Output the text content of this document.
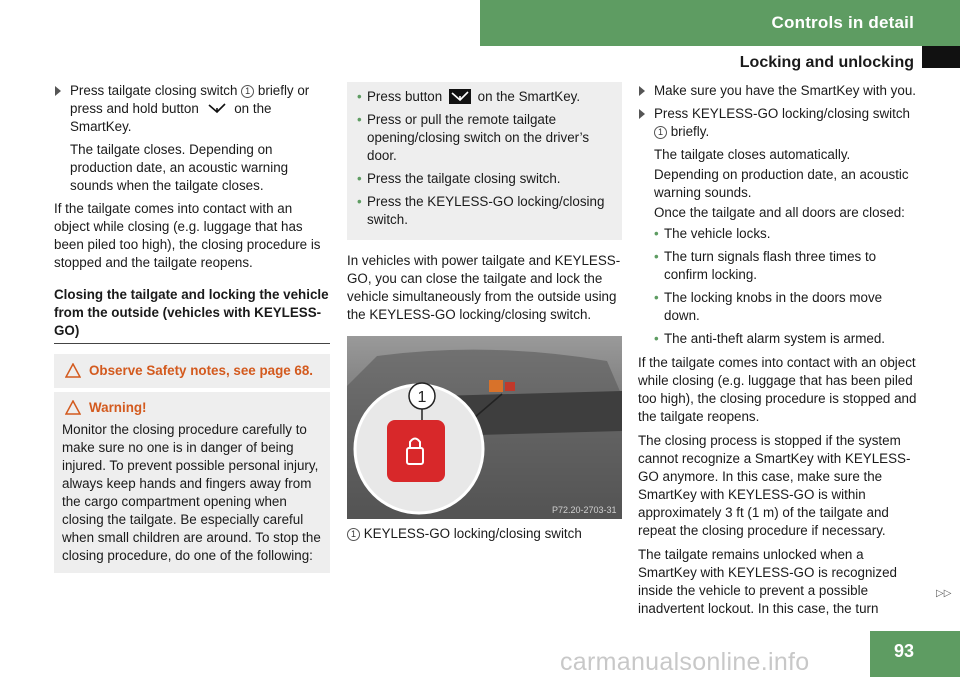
Controls in detail
Locking and unlocking
Press tailgate closing switch 1 briefly or press and hold button  on the SmartKey.
The tailgate closes. Depending on production date, an acoustic warning sounds when the tailgate closes.
If the tailgate comes into contact with an object while closing (e.g. luggage that has been piled too high), the closing procedure is stopped and the tailgate reopens.
Closing the tailgate and locking the vehicle from the outside (vehicles with KEYLESS-GO)
Observe Safety notes, see page 68.
Warning!
Monitor the closing procedure carefully to make sure no one is in danger of being injured. To prevent possible personal injury, always keep hands and fingers away from the cargo compartment opening when closing the tailgate. Be especially careful when small children are around. To stop the closing procedure, do one of the following:
• Press button  on the SmartKey.
• Press or pull the remote tailgate opening/closing switch on the driver’s door.
• Press the tailgate closing switch.
• Press the KEYLESS-GO locking/closing switch.
In vehicles with power tailgate and KEYLESS-GO, you can close the tailgate and lock the vehicle simultaneously from the outside using the KEYLESS-GO locking/closing switch.
1
P72.20-2703-31
1 KEYLESS-GO locking/closing switch
Make sure you have the SmartKey with you.
Press KEYLESS-GO locking/closing switch 1 briefly.
The tailgate closes automatically.
Depending on production date, an acoustic warning sounds.
Once the tailgate and all doors are closed:
• The vehicle locks.
• The turn signals flash three times to confirm locking.
• The locking knobs in the doors move down.
• The anti-theft alarm system is armed.
If the tailgate comes into contact with an object while closing (e.g. luggage that has been piled too high), the closing procedure is stopped and the tailgate reopens.
The closing process is stopped if the system cannot recognize a SmartKey with KEYLESS-GO anymore. In this case, make sure the SmartKey with KEYLESS-GO is within approximately 3 ft (1 m) of the tailgate and repeat the closing procedure if necessary.
The tailgate remains unlocked when a SmartKey with KEYLESS-GO is recognized inside the vehicle to prevent a possible inadvertent lockout. In this case, the turn
▷▷
carmanualsonline.info	93
